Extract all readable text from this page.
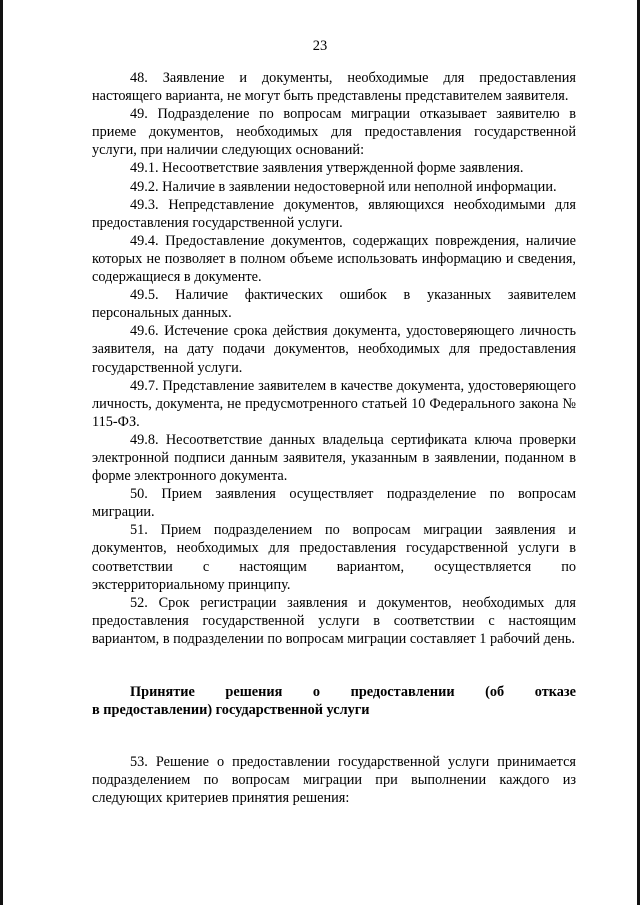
23

48. Заявление и документы, необходимые для предоставления настоящего варианта, не могут быть представлены представителем заявителя.

49. Подразделение по вопросам миграции отказывает заявителю в приеме документов, необходимых для предоставления государственной услуги, при наличии следующих оснований:

49.1. Несоответствие заявления утвержденной форме заявления.

49.2. Наличие в заявлении недостоверной или неполной информации.

49.3. Непредставление документов, являющихся необходимыми для предоставления государственной услуги.

49.4. Предоставление документов, содержащих повреждения, наличие которых не позволяет в полном объеме использовать информацию и сведения, содержащиеся в документе.

49.5. Наличие фактических ошибок в указанных заявителем персональных данных.

49.6. Истечение срока действия документа, удостоверяющего личность заявителя, на дату подачи документов, необходимых для предоставления государственной услуги.

49.7. Представление заявителем в качестве документа, удостоверяющего личность, документа, не предусмотренного статьей 10 Федерального закона № 115-ФЗ.

49.8. Несоответствие данных владельца сертификата ключа проверки электронной подписи данным заявителя, указанным в заявлении, поданном в форме электронного документа.

50. Прием заявления осуществляет подразделение по вопросам миграции.

51. Прием подразделением по вопросам миграции заявления и документов, необходимых для предоставления государственной услуги в соответствии с настоящим вариантом, осуществляется по экстерриториальному принципу.

52. Срок регистрации заявления и документов, необходимых для предоставления государственной услуги в соответствии с настоящим вариантом, в подразделении по вопросам миграции составляет 1 рабочий день.

Принятие решения о предоставлении (об отказе
в предоставлении) государственной услуги

53. Решение о предоставлении государственной услуги принимается подразделением по вопросам миграции при выполнении каждого из следующих критериев принятия решения:
